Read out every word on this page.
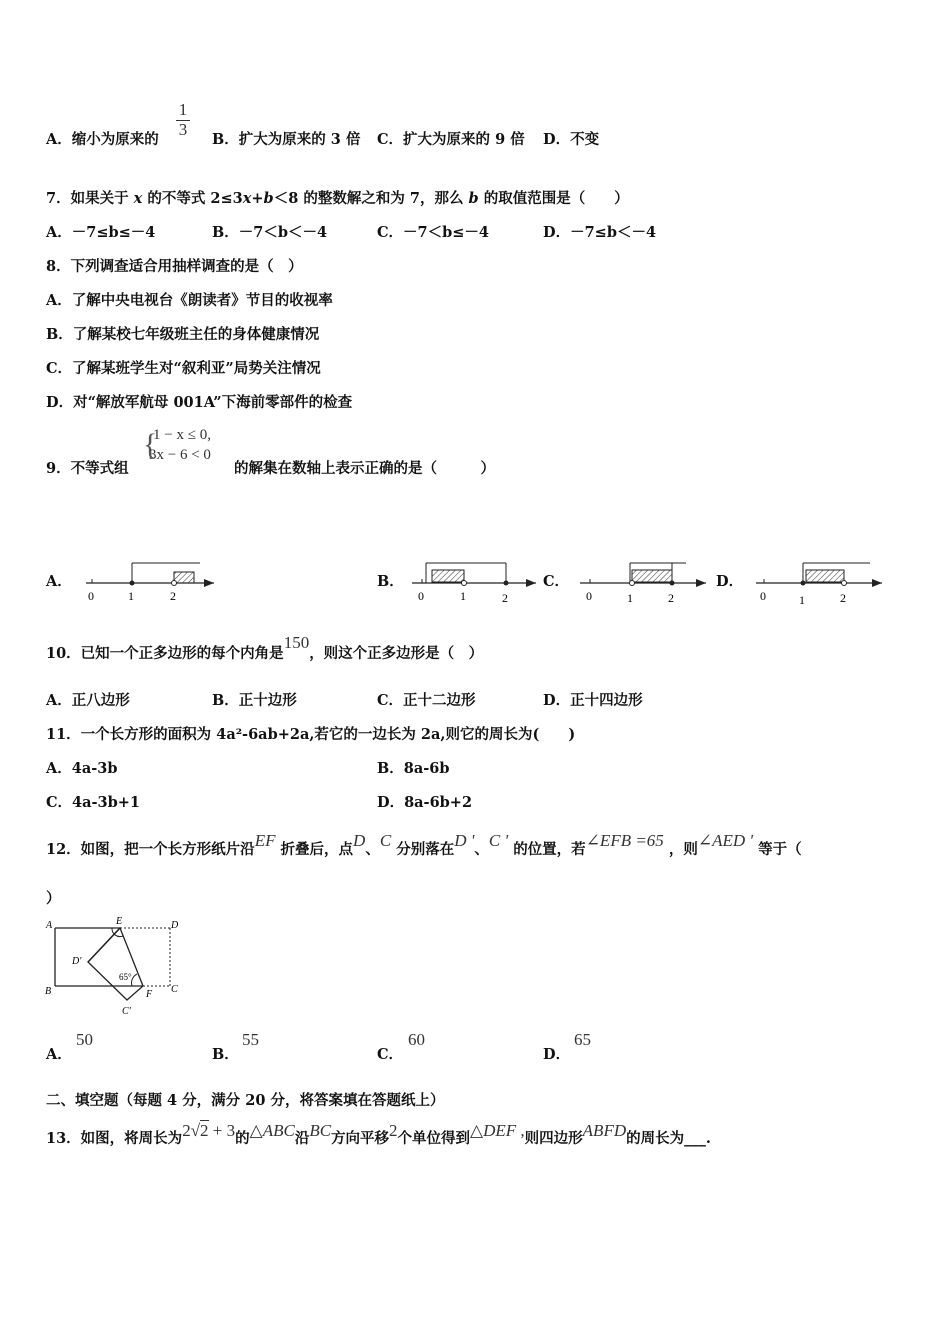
$\frac{1}{3}$
A．缩小为原来的	B．扩大为原来的 3 倍 C．扩大为原来的 9 倍 D．不变
7．如果关于 x 的不等式 2≤3x+b＜8 的整数解之和为 7，那么 b 的取值范围是（　　）
A．－7≤b≤－4	B．－7＜b＜－4	C．－7＜b≤－4	D．－7≤b＜－4
8．下列调查适合用抽样调查的是（　）
A．了解中央电视台《朗读者》节目的收视率
B．了解某校七年级班主任的身体健康情况
C．了解某班学生对“叙利亚”局势关注情况
D．对“解放军航母 001A”下海前零部件的检查
9．不等式组
{
1 − x ≤ 0,
3x − 6 < 0
的解集在数轴上表示正确的是（　　　）
A．	B．	C．	D．
0	1	2	0	1	2	0	1	2	0	1	2
10．已知一个正多边形的每个内角是150，则这个正多边形是（　）
A．正八边形	B．正十边形	C．正十二边形	D．正十四边形
11．一个长方形的面积为 4a²-6ab+2a,若它的一边长为 2a,则它的周长为(　　)
A．4a-3b	B．8a-6b
C．4a-3b+1	D．8a-6b+2
12．如图，把一个长方形纸片沿EF 折叠后，点D、C 分别落在D '、C ' 的位置，若∠EFB =65 ，则∠AED ' 等于（
）
A	E	D
D'
B	F C
C'
65°
A．
50
B．
55
C．
60
D．
65
二、填空题（每题 4 分，满分 20 分，将答案填在答题纸上）
13．如图，将周长为2√2 + 3的△ABC沿BC方向平移2个单位得到△DEF ,则四边形ABFD的周长为___.
